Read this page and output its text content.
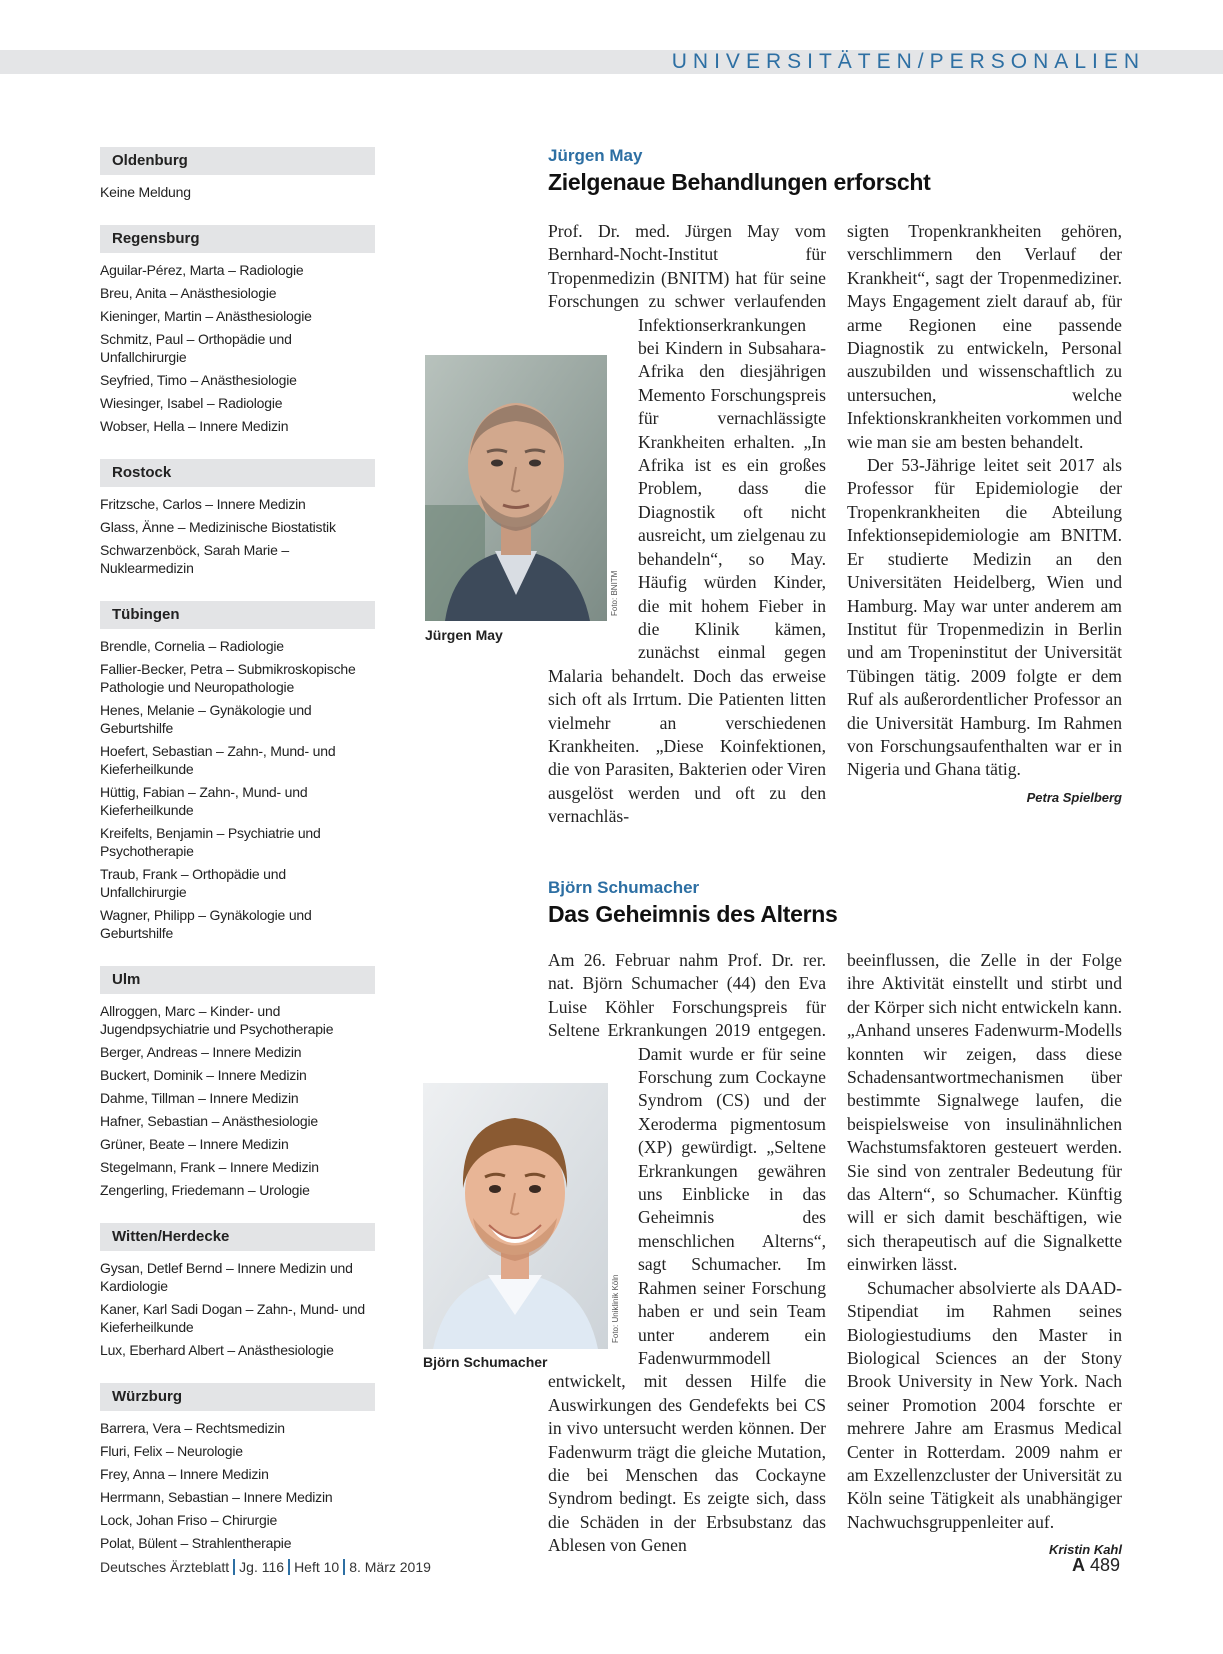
UNIVERSITÄTEN/PERSONALIEN
Oldenburg
Keine Meldung
Regensburg
Aguilar-Pérez, Marta – Radiologie
Breu, Anita – Anästhesiologie
Kieninger, Martin – Anästhesiologie
Schmitz, Paul – Orthopädie und Unfallchirurgie
Seyfried, Timo – Anästhesiologie
Wiesinger, Isabel – Radiologie
Wobser, Hella – Innere Medizin
Rostock
Fritzsche, Carlos – Innere Medizin
Glass, Änne – Medizinische Biostatistik
Schwarzenböck, Sarah Marie – Nuklearmedizin
Tübingen
Brendle, Cornelia – Radiologie
Fallier-Becker, Petra – Submikroskopische Pathologie und Neuropathologie
Henes, Melanie – Gynäkologie und Geburtshilfe
Hoefert, Sebastian – Zahn-, Mund- und Kieferheilkunde
Hüttig, Fabian – Zahn-, Mund- und Kieferheilkunde
Kreifelts, Benjamin – Psychiatrie und Psychotherapie
Traub, Frank – Orthopädie und Unfallchirurgie
Wagner, Philipp – Gynäkologie und Geburtshilfe
Ulm
Allroggen, Marc – Kinder- und Jugendpsychiatrie und Psychotherapie
Berger, Andreas – Innere Medizin
Buckert, Dominik – Innere Medizin
Dahme, Tillman – Innere Medizin
Hafner, Sebastian – Anästhesiologie
Grüner, Beate – Innere Medizin
Stegelmann, Frank – Innere Medizin
Zengerling, Friedemann – Urologie
Witten/Herdecke
Gysan, Detlef Bernd – Innere Medizin und Kardiologie
Kaner, Karl Sadi Dogan – Zahn-, Mund- und Kieferheilkunde
Lux, Eberhard Albert – Anästhesiologie
Würzburg
Barrera, Vera – Rechtsmedizin
Fluri, Felix – Neurologie
Frey, Anna – Innere Medizin
Herrmann, Sebastian – Innere Medizin
Lock, Johan Friso – Chirurgie
Polat, Bülent – Strahlentherapie
Jürgen May
Zielgenaue Behandlungen erforscht
Foto: BNITM
Jürgen May

Prof. Dr. med. Jürgen May vom Bernhard-Nocht-Institut für Tropenmedizin (BNITM) hat für seine Forschungen zu schwer verlaufenden Infektionserkrankungen bei Kindern in Subsahara-Afrika den diesjährigen Memento Forschungspreis für vernachlässigte Krankheiten erhalten. „In Afrika ist es ein großes Problem, dass die Diagnostik oft nicht ausreicht, um zielgenau zu behandeln“, so May. Häufig würden Kinder, die mit hohem Fieber in die Klinik kämen, zunächst einmal gegen Malaria behandelt. Doch das erweise sich oft als Irrtum. Die Patienten litten vielmehr an verschiedenen Krankheiten. „Diese Koinfektionen, die von Parasiten, Bakterien oder Viren ausgelöst werden und oft zu den vernachläs-

sigten Tropenkrankheiten gehören, verschlimmern den Verlauf der Krankheit“, sagt der Tropenmediziner. Mays Engagement zielt darauf ab, für arme Regionen eine passende Diagnostik zu entwickeln, Personal auszubilden und wissenschaftlich zu untersuchen, welche Infektionskrankheiten vorkommen und wie man sie am besten behandelt.

Der 53-Jährige leitet seit 2017 als Professor für Epidemiologie der Tropenkrankheiten die Abteilung Infektionsepidemiologie am BNITM. Er studierte Medizin an den Universitäten Heidelberg, Wien und Hamburg. May war unter anderem am Institut für Tropenmedizin in Berlin und am Tropeninstitut der Universität Tübingen tätig. 2009 folgte er dem Ruf als außerordentlicher Professor an die Universität Hamburg. Im Rahmen von Forschungsaufenthalten war er in Nigeria und Ghana tätig.
Petra Spielberg

Björn Schumacher
Das Geheimnis des Alterns
Foto: Uniklinik Köln
Björn Schumacher

Am 26. Februar nahm Prof. Dr. rer. nat. Björn Schumacher (44) den Eva Luise Köhler Forschungspreis für Seltene Erkrankungen 2019 entgegen. Damit wurde er für seine Forschung zum Cockayne Syndrom (CS) und der Xeroderma pigmentosum (XP) gewürdigt. „Seltene Erkrankungen gewähren uns Einblicke in das Geheimnis des menschlichen Alterns“, sagt Schumacher. Im Rahmen seiner Forschung haben er und sein Team unter anderem ein Fadenwurmmodell entwickelt, mit dessen Hilfe die Auswirkungen des Gendefekts bei CS in vivo untersucht werden können. Der Fadenwurm trägt die gleiche Mutation, die bei Menschen das Cockayne Syndrom bedingt. Es zeigte sich, dass die Schäden in der Erbsubstanz das Ablesen von Genen

beeinflussen, die Zelle in der Folge ihre Aktivität einstellt und stirbt und der Körper sich nicht entwickeln kann. „Anhand unseres Fadenwurm-Modells konnten wir zeigen, dass diese Schadensantwortmechanismen über bestimmte Signalwege laufen, die beispielsweise von insulinähnlichen Wachstumsfaktoren gesteuert werden. Sie sind von zentraler Bedeutung für das Altern“, so Schumacher. Künftig will er sich damit beschäftigen, wie sich therapeutisch auf die Signalkette einwirken lässt.

Schumacher absolvierte als DAAD-Stipendiat im Rahmen seines Biologiestudiums den Master in Biological Sciences an der Stony Brook University in New York. Nach seiner Promotion 2004 forschte er mehrere Jahre am Erasmus Medical Center in Rotterdam. 2009 nahm er am Exzellenzcluster der Universität zu Köln seine Tätigkeit als unabhängiger Nachwuchsgruppenleiter auf.
Kristin Kahl

Deutsches Ärzteblatt Jg. 116 Heft 10 8. März 2019	A 489
